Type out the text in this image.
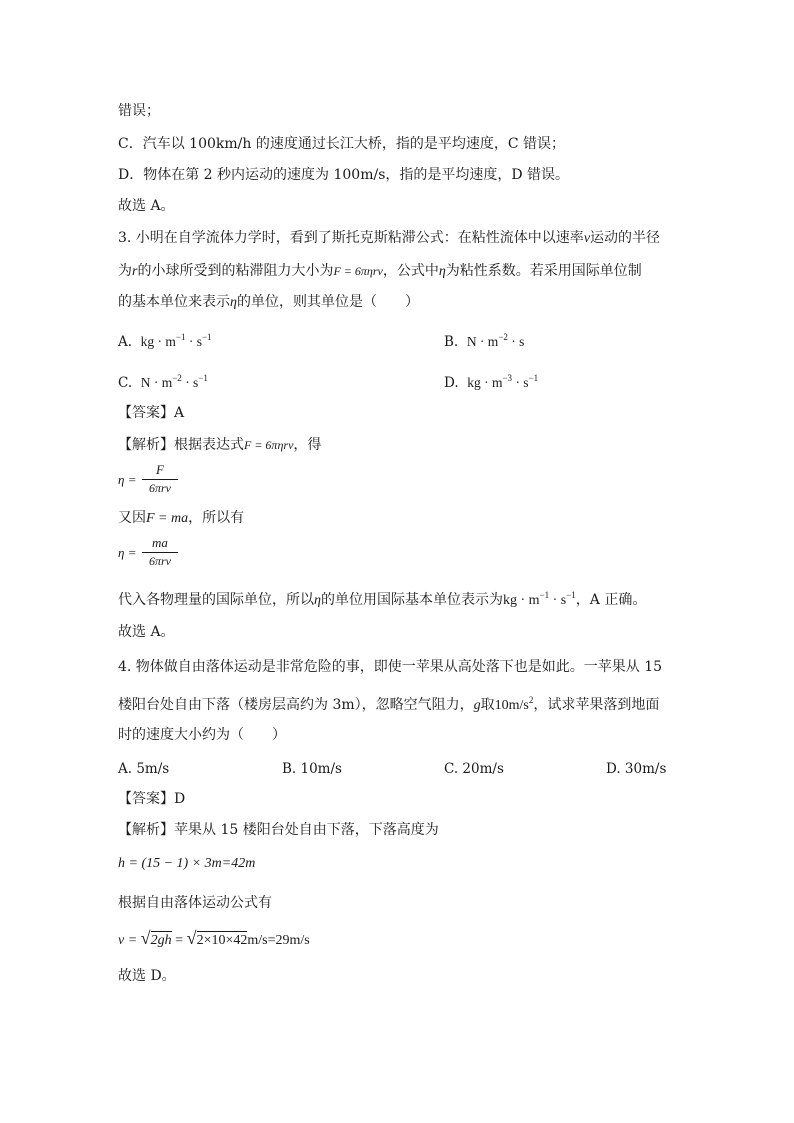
错误；
C．汽车以 100km/h 的速度通过长江大桥，指的是平均速度，C 错误；
D．物体在第 2 秒内运动的速度为 100m/s，指的是平均速度，D 错误。
故选 A。
3. 小明在自学流体力学时，看到了斯托克斯粘滞公式：在粘性流体中以速率v运动的半径
为r的小球所受到的粘滞阻力大小为F = 6πηrv，公式中η为粘性系数。若采用国际单位制
的基本单位来表示η的单位，则其单位是（　　）
A. kg · $m^{-1} \cdot s^{-1}$	B. $N \cdot m^{-2} \cdot s$
C. $N \cdot m^{-2} \cdot s^{-1}$	D. kg · $m^{-3} \cdot s^{-1}$
【答案】A
【解析】根据表达式F = 6πηrv，得
η =
F
6πrv
又因F = ma，所以有
η =
ma
6πrv
代入各物理量的国际单位，所以η的单位用国际基本单位表示为kg · $m^{-1} \cdot s^{-1}$，A 正确。
故选 A。
4. 物体做自由落体运动是非常危险的事，即使一苹果从高处落下也是如此。一苹果从 15
楼阳台处自由下落（楼房层高约为 3m），忽略空气阻力，g取$10m/s^2$，试求苹果落到地面
时的速度大小约为（　　）
A. 5m/s	B. 10m/s	C. 20m/s	D. 30m/s
【答案】D
【解析】苹果从 15 楼阳台处自由下落，下落高度为
h = (15 − 1) × 3m=42m
根据自由落体运动公式有
v = √ 2gh = √ 2×10×42m/s=29m/s
故选 D。
